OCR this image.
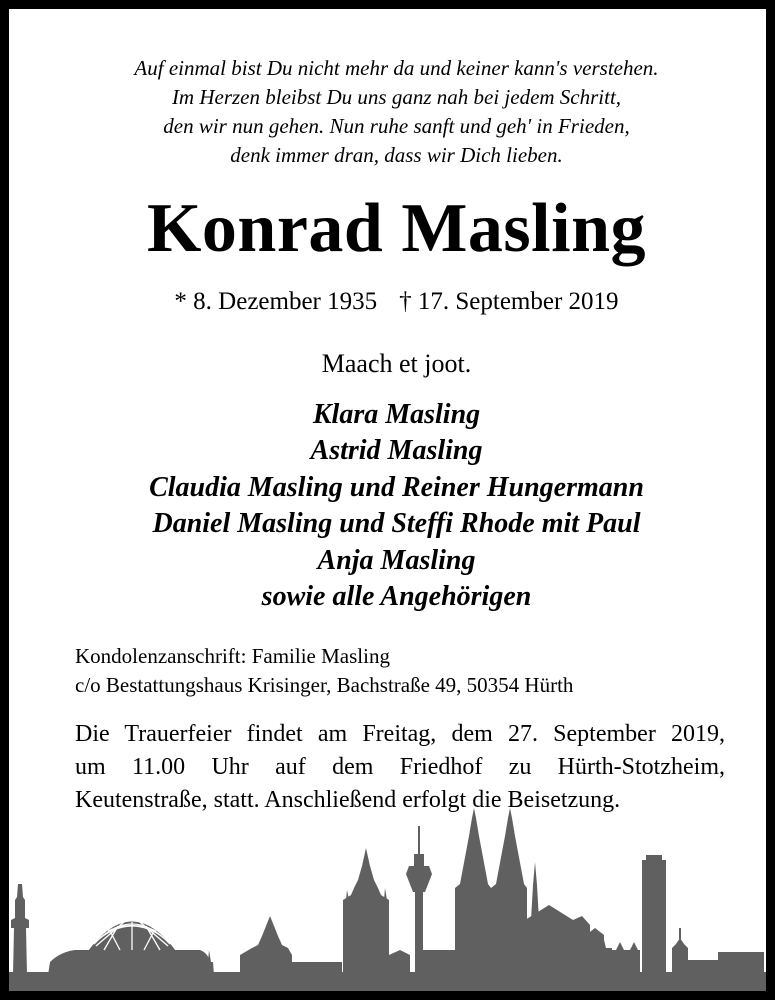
Auf einmal bist Du nicht mehr da und keiner kann's verstehen.
Im Herzen bleibst Du uns ganz nah bei jedem Schritt,
den wir nun gehen. Nun ruhe sanft und geh' in Frieden,
denk immer dran, dass wir Dich lieben.
Konrad Masling
* 8. Dezember 1935 † 17. September 2019
Maach et joot.
Klara Masling
Astrid Masling
Claudia Masling und Reiner Hungermann
Daniel Masling und Steffi Rhode mit Paul
Anja Masling
sowie alle Angehörigen
Kondolenzanschrift: Familie Masling
c/o Bestattungshaus Krisinger, Bachstraße 49, 50354 Hürth
Die Trauerfeier findet am Freitag, dem 27. September 2019,
um 11.00 Uhr auf dem Friedhof zu Hürth-Stotzheim,
Keutenstraße, statt. Anschließend erfolgt die Beisetzung.
